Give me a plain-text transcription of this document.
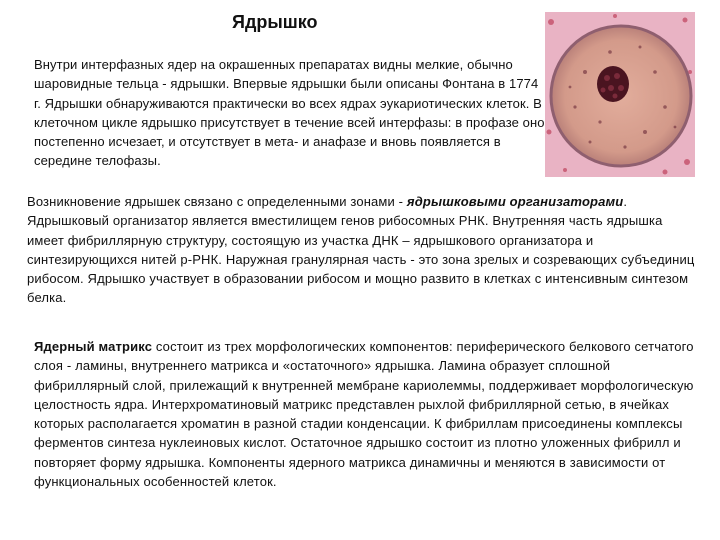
Ядрышко

Внутри интерфазных ядер на окрашенных препаратах видны мелкие, обычно шаровидные тельца - ядрышки. Впервые ядрышки были описаны Фонтана в 1774 г. Ядрышки обнаруживаются практически во всех ядрах эукариотических клеток. В клеточном цикле ядрышко присутствует в течение всей интерфазы: в профазе оно постепенно исчезает, и отсутствует в мета- и анафазе и вновь появляется в середине телофазы.

Возникновение ядрышек связано с определенными зонами - ядрышковыми организаторами. Ядрышковый организатор является вместилищем генов рибосомных РНК. Внутренняя часть ядрышка имеет фибриллярную структуру, состоящую из участка ДНК – ядрышкового организатора и синтезирующихся нитей р-РНК. Наружная гранулярная часть - это зона зрелых и созревающих субъединиц рибосом. Ядрышко участвует в образовании рибосом и мощно развито в клетках с интенсивным синтезом белка.

Ядерный матрикс состоит из трех морфологических компонентов: периферического белкового сетчатого слоя - ламины, внутреннего матрикса и «остаточного» ядрышка. Ламина образует сплошной фибриллярный слой, прилежащий к внутренней мембране кариолеммы, поддерживает морфологическую целостность ядра. Интерхроматиновый матрикс представлен рыхлой фибриллярной сетью, в ячейках которых располагается хроматин в разной стадии конденсации. К фибриллам присоединены комплексы ферментов синтеза нуклеиновых кислот. Остаточное ядрышко состоит из плотно уложенных фибрилл и повторяет форму ядрышка. Компоненты ядерного матрикса динамичны и меняются в зависимости от функциональных особенностей клеток.
